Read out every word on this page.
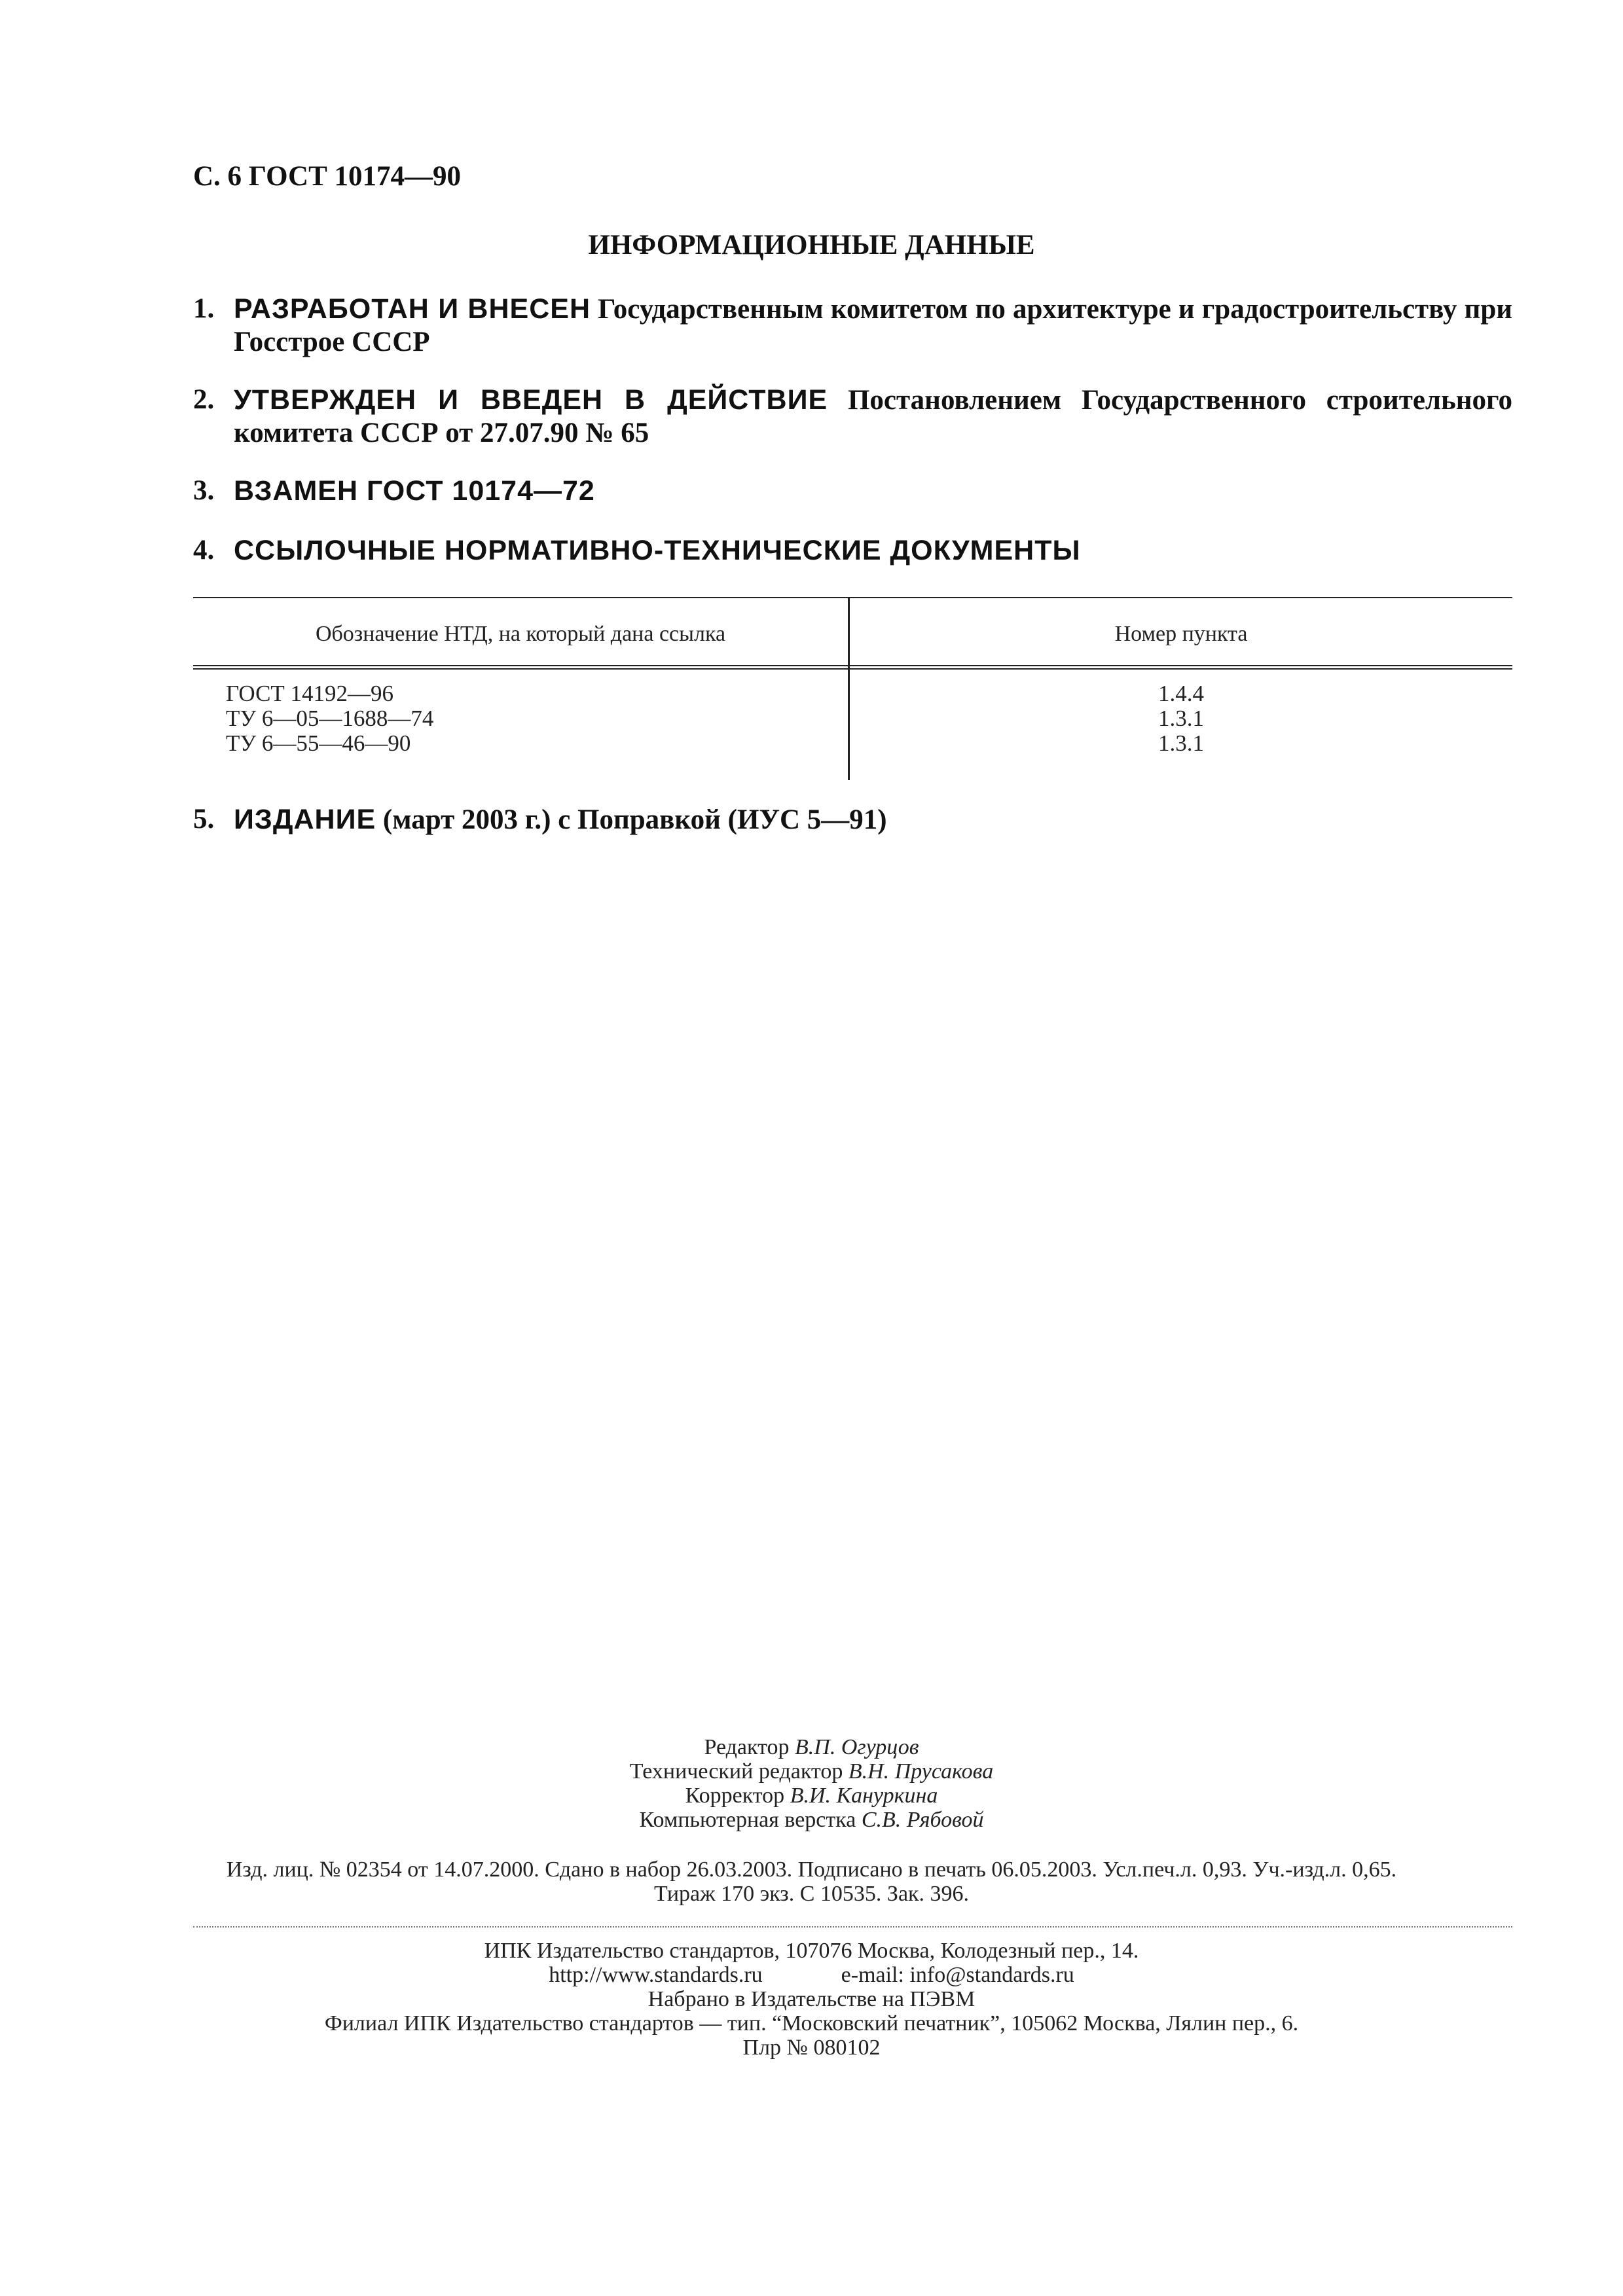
С. 6 ГОСТ 10174—90
ИНФОРМАЦИОННЫЕ ДАННЫЕ
1. РАЗРАБОТАН И ВНЕСЕН Государственным комитетом по архитектуре и градостроительству при Госстрое СССР
2. УТВЕРЖДЕН И ВВЕДЕН В ДЕЙСТВИЕ Постановлением Государственного строительного комитета СССР от 27.07.90 № 65
3. ВЗАМЕН ГОСТ 10174—72
4. ССЫЛОЧНЫЕ НОРМАТИВНО-ТЕХНИЧЕСКИЕ ДОКУМЕНТЫ
Обозначение НТД, на который дана ссылка	Номер пункта
ГОСТ 14192—96	1.4.4
ТУ 6—05—1688—74	1.3.1
ТУ 6—55—46—90	1.3.1
5. ИЗДАНИЕ (март 2003 г.) с Поправкой (ИУС 5—91)
Редактор В.П. Огурцов
Технический редактор В.Н. Прусакова
Корректор В.И. Кануркина
Компьютерная верстка С.В. Рябовой
Изд. лиц. № 02354 от 14.07.2000. Сдано в набор 26.03.2003. Подписано в печать 06.05.2003. Усл.печ.л. 0,93. Уч.-изд.л. 0,65.
Тираж 170 экз. С 10535. Зак. 396.
ИПК Издательство стандартов, 107076 Москва, Колодезный пер., 14.
http://www.standards.ru	e-mail: info@standards.ru
Набрано в Издательстве на ПЭВМ
Филиал ИПК Издательство стандартов — тип. “Московский печатник”, 105062 Москва, Лялин пер., 6.
Плр № 080102
